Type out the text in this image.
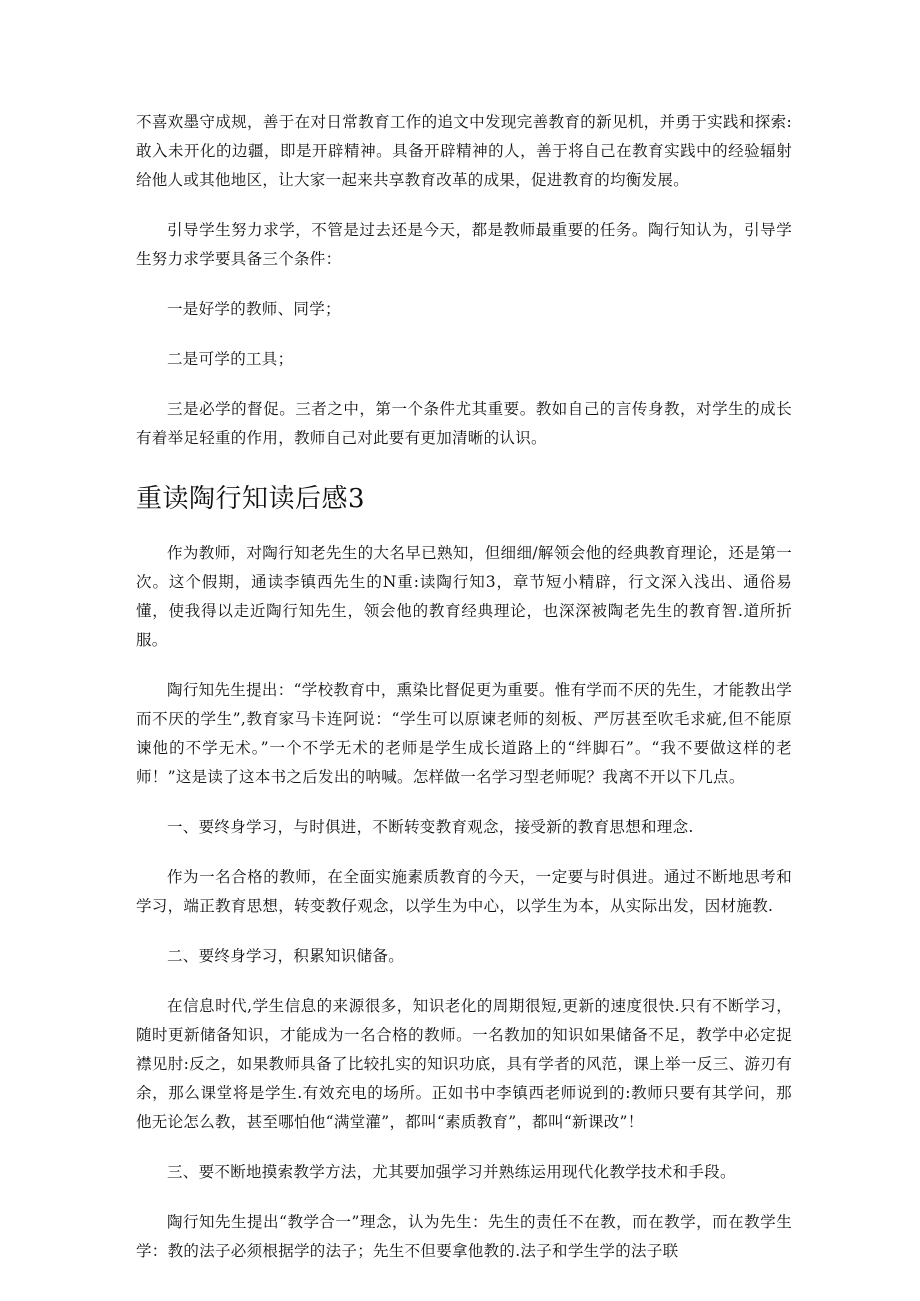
不喜欢墨守成规，善于在对日常教育工作的追文中发现完善教育的新见机，并勇于实践和探索: 敢入未开化的边疆，即是开辟精神。具备开辟精神的人，善于将自己在教育实践中的经验辐射给他人或其他地区，让大家一起来共享教育改革的成果，促进教育的均衡发展。

引导学生努力求学，不管是过去还是今天，都是教师最重要的任务。陶行知认为，引导学生努力求学要具备三个条件：

一是好学的教师、同学；

二是可学的工具；

三是必学的督促。三者之中，第一个条件尤其重要。教如自己的言传身教，对学生的成长有着举足轻重的作用，教师自己对此要有更加清晰的认识。

重读陶行知读后感3

作为教师，对陶行知老先生的大名早已熟知，但细细/解领会他的经典教育理论，还是第一次。这个假期，通读李镇西先生的N重:读陶行知3，章节短小精辟，行文深入浅出、通俗易懂，使我得以走近陶行知先生，领会他的教育经典理论，也深深被陶老先生的教育智.道所折服。

陶行知先生提出：“学校教育中，熏染比督促更为重要。惟有学而不厌的先生，才能教出学而不厌的学生”,教育家马卡连阿说：“学生可以原谏老师的刻板、严厉甚至吹毛求疵,但不能原谏他的不学无术。”一个不学无术的老师是学生成长道路上的“绊脚石”。“我不要做这样的老师！”这是读了这本书之后发出的呐喊。怎样做一名学习型老师呢？我离不开以下几点。

一、要终身学习，与时俱进，不断转变教育观念，接受新的教育思想和理念.

作为一名合格的教师，在全面实施素质教育的今天，一定要与时俱进。通过不断地思考和学习，端正教育思想，转变教仔观念，以学生为中心，以学生为本，从实际出发，因材施教.

二、要终身学习，积累知识储备。

在信息时代,学生信息的来源很多，知识老化的周期很短,更新的速度很快.只有不断学习，随时更新储备知识，才能成为一名合格的教师。一名教加的知识如果储备不足，教学中必定捉襟见肘:反之，如果教师具备了比较扎实的知识功底，具有学者的风范，课上举一反三、游刃有余，那么课堂将是学生.有效充电的场所。正如书中李镇西老师说到的:教师只要有其学问，那他无论怎么教，甚至哪怕他“满堂灌”，都叫“素质教育”，都叫“新课改”！

三、要不断地摸索教学方法，尤其要加强学习并熟练运用现代化教学技术和手段。

陶行知先生提出“教学合一”理念，认为先生：先生的责任不在教，而在教学，而在教学生学：教的法子必须根据学的法子；先生不但要拿他教的.法子和学生学的法子联
